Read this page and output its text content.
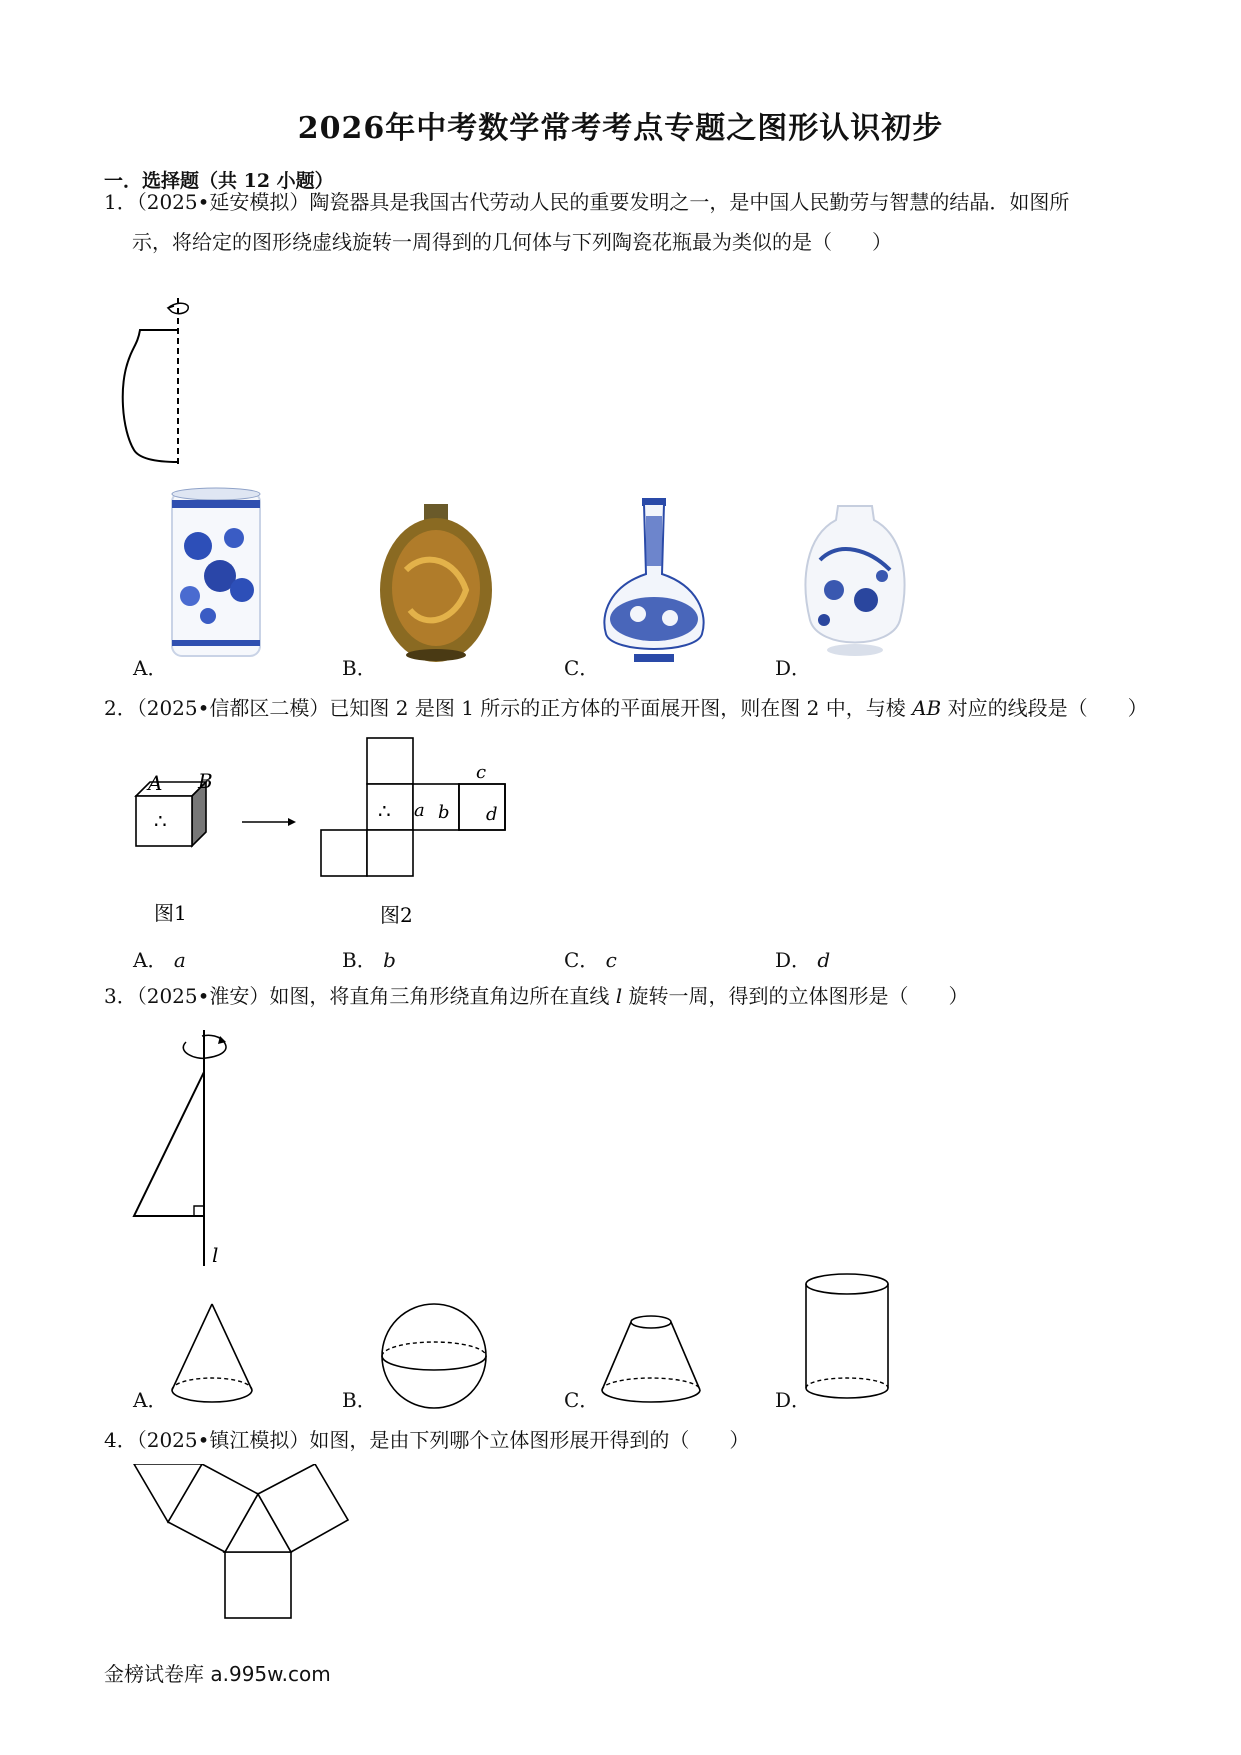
2026年中考数学常考考点专题之图形认识初步
一．选择题（共 12 小题）
1．（2025•延安模拟）陶瓷器具是我国古代劳动人民的重要发明之一，是中国人民勤劳与智慧的结晶．如图所
示，将给定的图形绕虚线旋转一周得到的几何体与下列陶瓷花瓶最为类似的是（　　）
A．	B．	C．	D．
2．（2025•信都区二模）已知图 2 是图 1 所示的正方体的平面展开图，则在图 2 中，与棱 AB 对应的线段是（　　）
A B
∴	∴ a b
c
d
图1	图2
A． a	B． b	C． c	D． d
3．（2025•淮安）如图，将直角三角形绕直角边所在直线 l 旋转一周，得到的立体图形是（　　）
l
A．	B．	C．	D．
4．（2025•镇江模拟）如图，是由下列哪个立体图形展开得到的（　　）
金榜试卷库 a.995w.com
